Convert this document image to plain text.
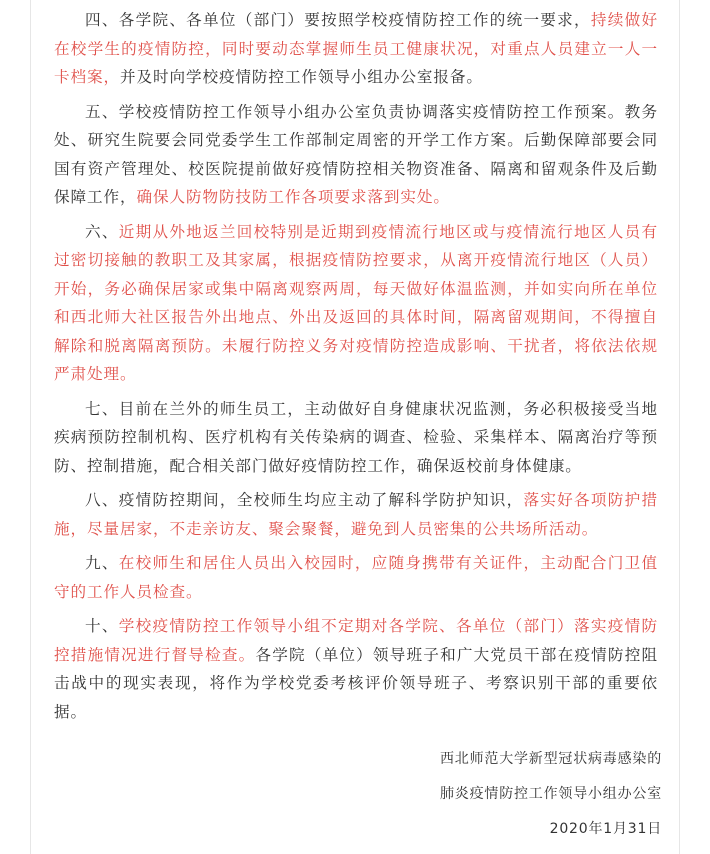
四、各学院、各单位（部门）要按照学校疫情防控工作的统一要求，持续做好在校学生的疫情防控，同时要动态掌握师生员工健康状况，对重点人员建立一人一卡档案，并及时向学校疫情防控工作领导小组办公室报备。

五、学校疫情防控工作领导小组办公室负责协调落实疫情防控工作预案。教务处、研究生院要会同党委学生工作部制定周密的开学工作方案。后勤保障部要会同国有资产管理处、校医院提前做好疫情防控相关物资准备、隔离和留观条件及后勤保障工作，确保人防物防技防工作各项要求落到实处。

六、近期从外地返兰回校特别是近期到疫情流行地区或与疫情流行地区人员有过密切接触的教职工及其家属，根据疫情防控要求，从离开疫情流行地区（人员）开始，务必确保居家或集中隔离观察两周，每天做好体温监测，并如实向所在单位和西北师大社区报告外出地点、外出及返回的具体时间，隔离留观期间，不得擅自解除和脱离隔离预防。未履行防控义务对疫情防控造成影响、干扰者，将依法依规严肃处理。

七、目前在兰外的师生员工，主动做好自身健康状况监测，务必积极接受当地疾病预防控制机构、医疗机构有关传染病的调查、检验、采集样本、隔离治疗等预防、控制措施，配合相关部门做好疫情防控工作，确保返校前身体健康。

八、疫情防控期间，全校师生均应主动了解科学防护知识，落实好各项防护措施，尽量居家，不走亲访友、聚会聚餐，避免到人员密集的公共场所活动。

九、在校师生和居住人员出入校园时，应随身携带有关证件，主动配合门卫值守的工作人员检查。

十、学校疫情防控工作领导小组不定期对各学院、各单位（部门）落实疫情防控措施情况进行督导检查。各学院（单位）领导班子和广大党员干部在疫情防控阻击战中的现实表现，将作为学校党委考核评价领导班子、考察识别干部的重要依据。

西北师范大学新型冠状病毒感染的
肺炎疫情防控工作领导小组办公室
2020年1月31日
